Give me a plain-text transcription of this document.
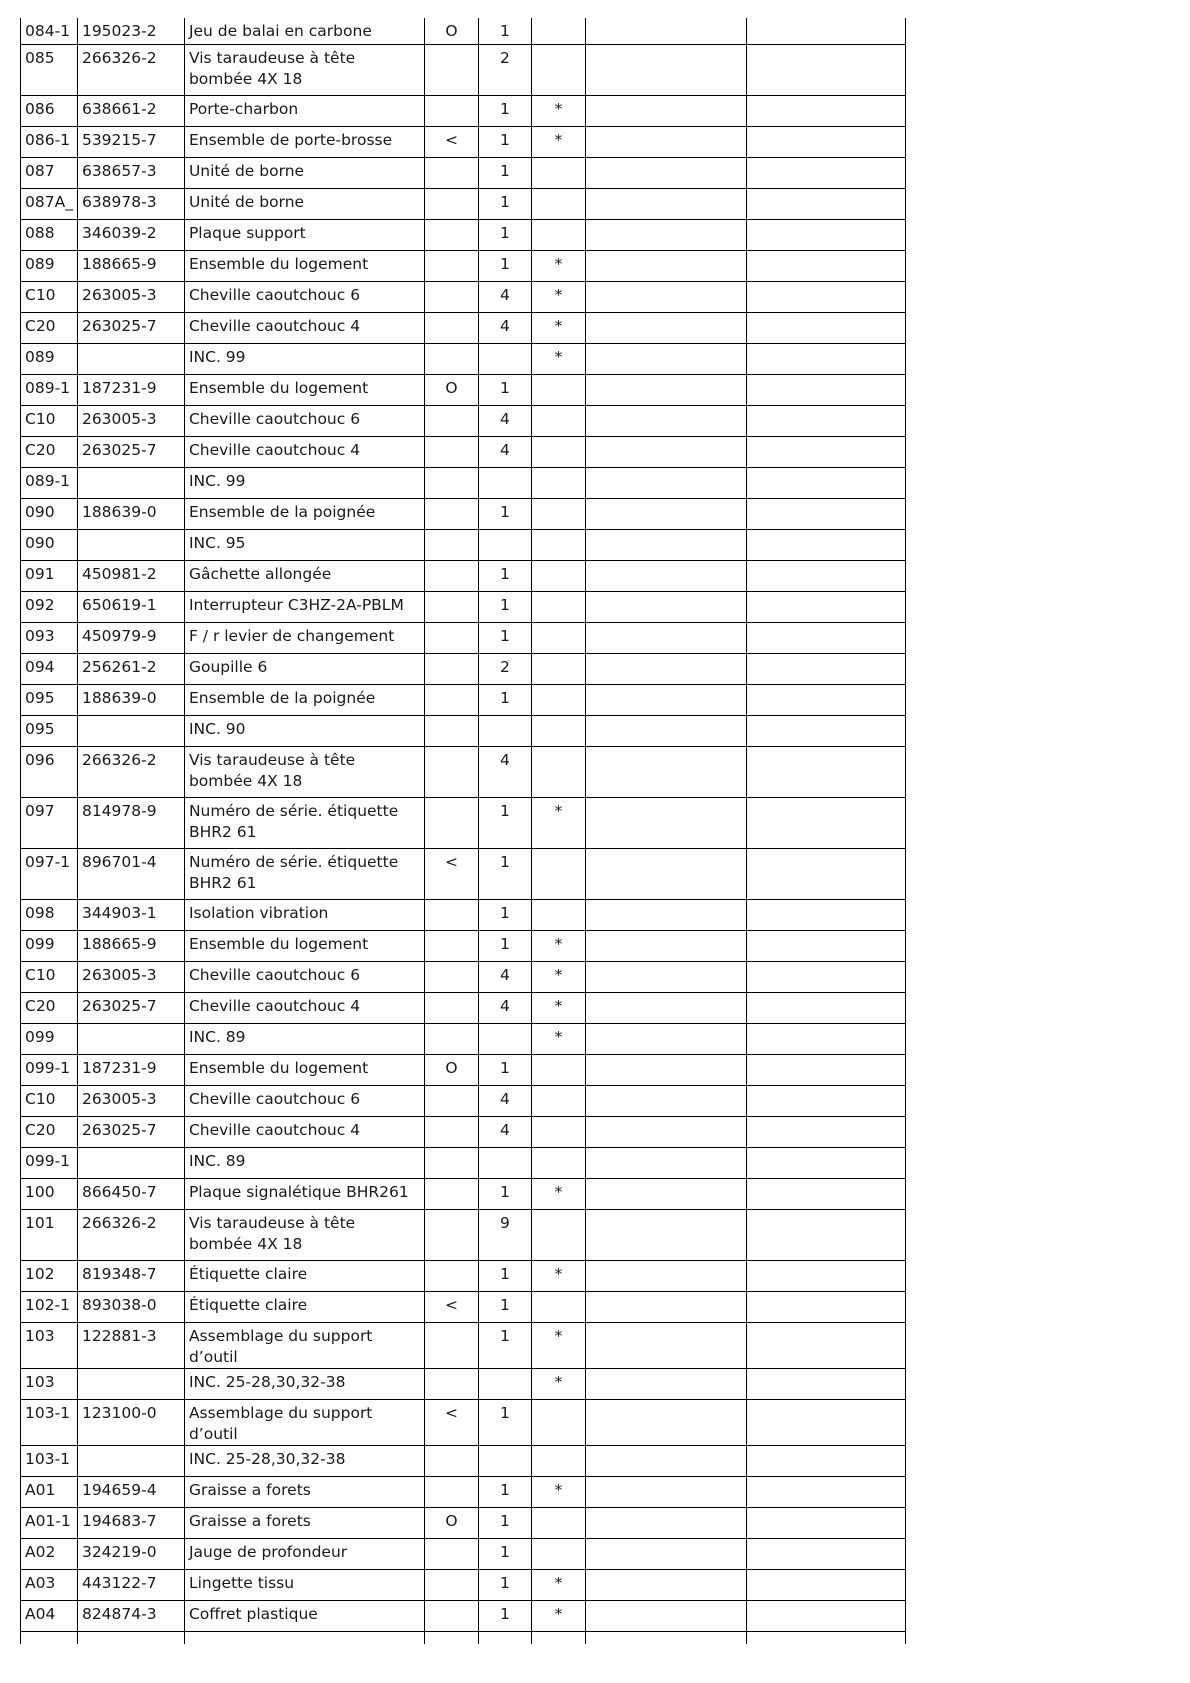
084-1	195023-2	Jeu de balai en carbone	O	1			
085	266326-2	Vis taraudeuse à tête bombée 4X 18		2			
086	638661-2	Porte-charbon		1	*		
086-1	539215-7	Ensemble de porte-brosse	<	1	*		
087	638657-3	Unité de borne		1			
087A_	638978-3	Unité de borne		1			
088	346039-2	Plaque support		1			
089	188665-9	Ensemble du logement		1	*		
C10	263005-3	Cheville caoutchouc 6		4	*		
C20	263025-7	Cheville caoutchouc 4		4	*		
089		INC. 99			*		
089-1	187231-9	Ensemble du logement	O	1			
C10	263005-3	Cheville caoutchouc 6		4			
C20	263025-7	Cheville caoutchouc 4		4			
089-1		INC. 99					
090	188639-0	Ensemble de la poignée		1			
090		INC. 95					
091	450981-2	Gâchette allongée		1			
092	650619-1	Interrupteur C3HZ-2A-PBLM		1			
093	450979-9	F / r levier de changement		1			
094	256261-2	Goupille 6		2			
095	188639-0	Ensemble de la poignée		1			
095		INC. 90					
096	266326-2	Vis taraudeuse à tête bombée 4X 18		4			
097	814978-9	Numéro de série. étiquette BHR2 61		1	*		
097-1	896701-4	Numéro de série. étiquette BHR2 61	<	1			
098	344903-1	Isolation vibration		1			
099	188665-9	Ensemble du logement		1	*		
C10	263005-3	Cheville caoutchouc 6		4	*		
C20	263025-7	Cheville caoutchouc 4		4	*		
099		INC. 89			*		
099-1	187231-9	Ensemble du logement	O	1			
C10	263005-3	Cheville caoutchouc 6		4			
C20	263025-7	Cheville caoutchouc 4		4			
099-1		INC. 89					
100	866450-7	Plaque signalétique BHR261		1	*		
101	266326-2	Vis taraudeuse à tête bombée 4X 18		9			
102	819348-7	Étiquette claire		1	*		
102-1	893038-0	Étiquette claire	<	1			
103	122881-3	Assemblage du support d’outil		1	*		
103		INC. 25-28,30,32-38			*		
103-1	123100-0	Assemblage du support d’outil	<	1			
103-1		INC. 25-28,30,32-38					
A01	194659-4	Graisse a forets		1	*		
A01-1	194683-7	Graisse a forets	O	1			
A02	324219-0	Jauge de profondeur		1			
A03	443122-7	Lingette tissu		1	*		
A04	824874-3	Coffret plastique		1	*		
